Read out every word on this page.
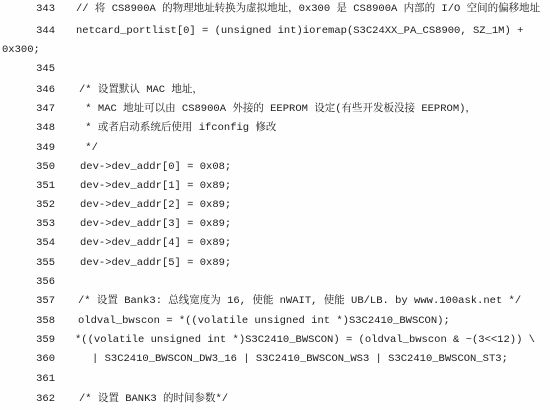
343 // 将 CS8900A 的物理地址转换为虚拟地址，0x300 是 CS8900A 内部的 I/O 空间的偏移地址
344 netcard_portlist[0] = (unsigned int)ioremap(S3C24XX_PA_CS8900, SZ_1M) +
0x300;
345
346 /* 设置默认 MAC 地址，
347 * MAC 地址可以由 CS8900A 外接的 EEPROM 设定(有些开发板没接 EEPROM)，
348 * 或者启动系统后使用 ifconfig 修改
349 */
350 dev->dev_addr[0] = 0x08;
351 dev->dev_addr[1] = 0x89;
352 dev->dev_addr[2] = 0x89;
353 dev->dev_addr[3] = 0x89;
354 dev->dev_addr[4] = 0x89;
355 dev->dev_addr[5] = 0x89;
356
357 /* 设置 Bank3: 总线宽度为 16, 使能 nWAIT, 使能 UB/LB. by www.100ask.net */
358 oldval_bwscon = *((volatile unsigned int *)S3C2410_BWSCON);
359 *((volatile unsigned int *)S3C2410_BWSCON) = (oldval_bwscon & ~(3<<12)) \
360	| S3C2410_BWSCON_DW3_16 | S3C2410_BWSCON_WS3 | S3C2410_BWSCON_ST3;
361
362 /* 设置 BANK3 的时间参数*/
